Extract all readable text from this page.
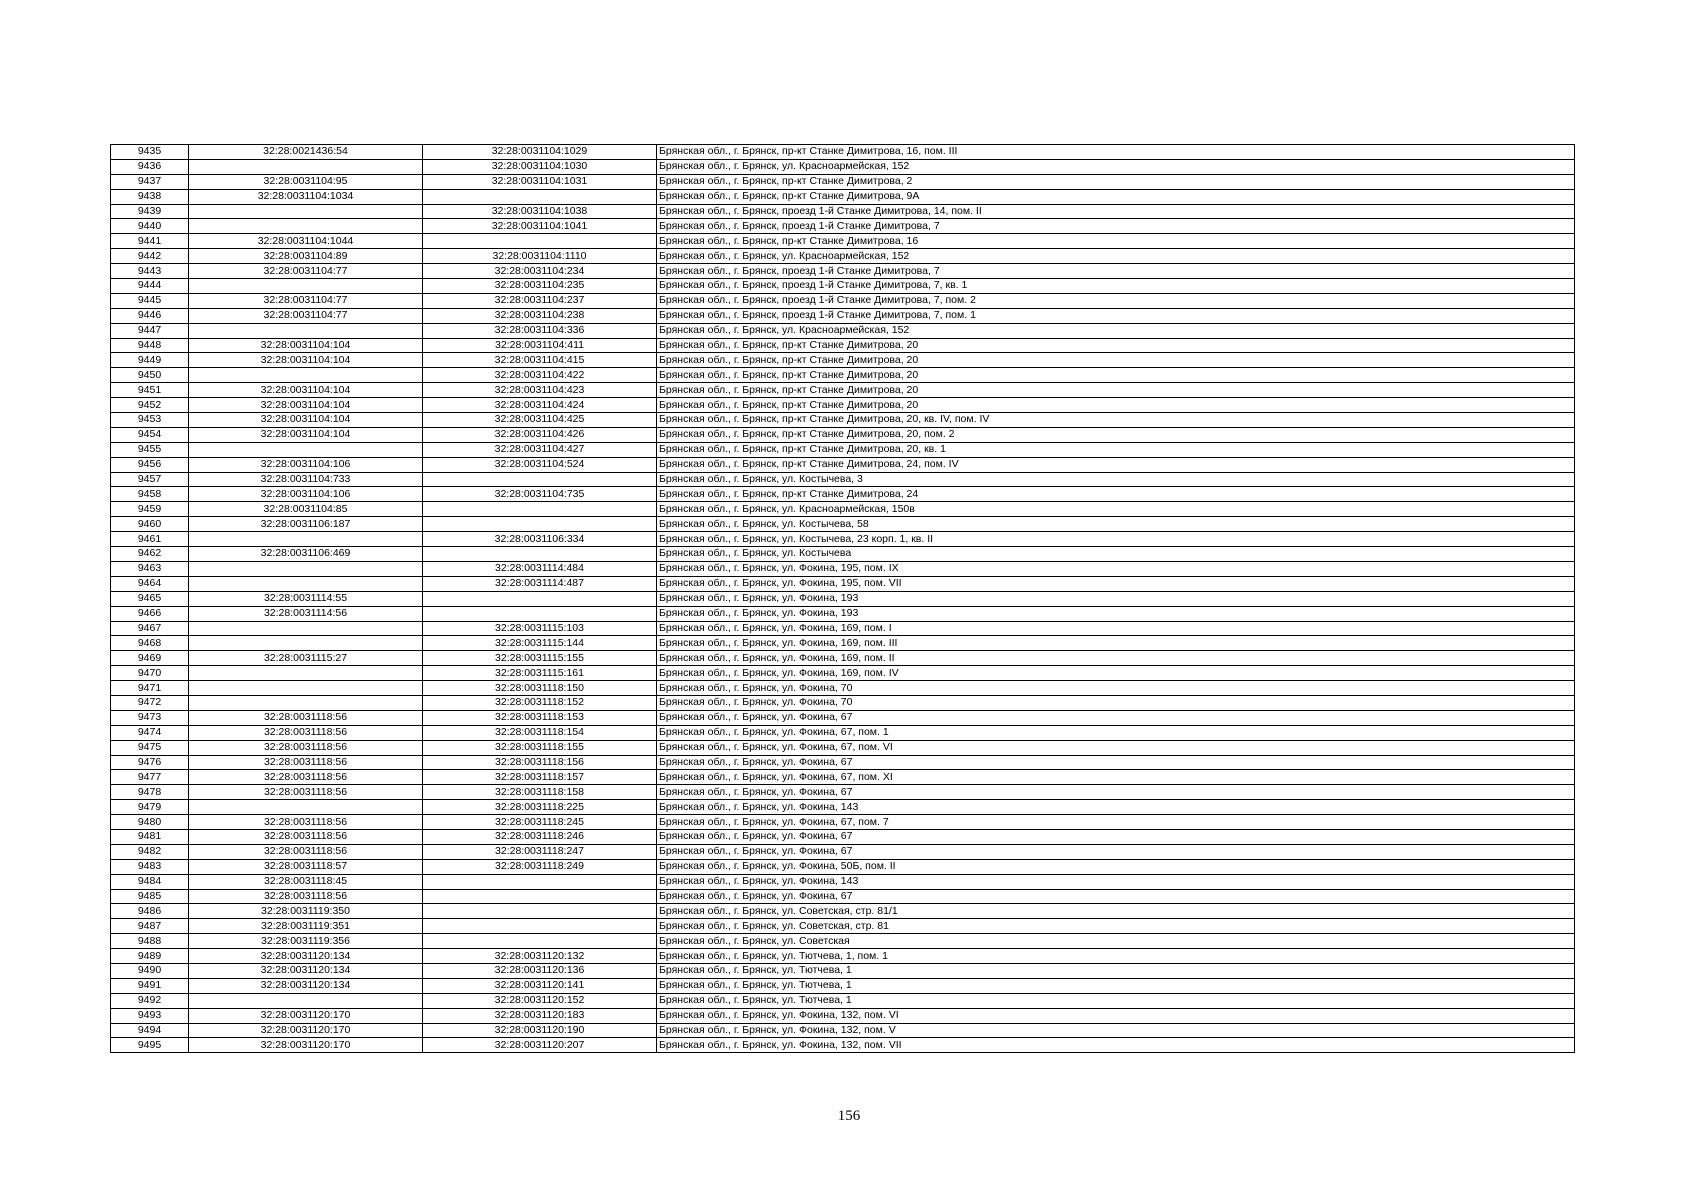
9435	32:28:0021436:54	32:28:0031104:1029	Брянская обл., г. Брянск, пр-кт Станке Димитрова, 16, пом. III
9436		32:28:0031104:1030	Брянская обл., г. Брянск, ул. Красноармейская, 152
9437	32:28:0031104:95	32:28:0031104:1031	Брянская обл., г. Брянск, пр-кт Станке Димитрова, 2
9438	32:28:0031104:1034		Брянская обл., г. Брянск, пр-кт Станке Димитрова, 9А
9439		32:28:0031104:1038	Брянская обл., г. Брянск, проезд 1-й Станке Димитрова, 14, пом. II
9440		32:28:0031104:1041	Брянская обл., г. Брянск, проезд 1-й Станке Димитрова, 7
9441	32:28:0031104:1044		Брянская обл., г. Брянск, пр-кт Станке Димитрова, 16
9442	32:28:0031104:89	32:28:0031104:1110	Брянская обл., г. Брянск, ул. Красноармейская, 152
9443	32:28:0031104:77	32:28:0031104:234	Брянская обл., г. Брянск, проезд 1-й Станке Димитрова, 7
9444		32:28:0031104:235	Брянская обл., г. Брянск, проезд 1-й Станке Димитрова, 7, кв. 1
9445	32:28:0031104:77	32:28:0031104:237	Брянская обл., г. Брянск, проезд 1-й Станке Димитрова, 7, пом. 2
9446	32:28:0031104:77	32:28:0031104:238	Брянская обл., г. Брянск, проезд 1-й Станке Димитрова, 7, пом. 1
9447		32:28:0031104:336	Брянская обл., г. Брянск, ул. Красноармейская, 152
9448	32:28:0031104:104	32:28:0031104:411	Брянская обл., г. Брянск, пр-кт Станке Димитрова, 20
9449	32:28:0031104:104	32:28:0031104:415	Брянская обл., г. Брянск, пр-кт Станке Димитрова, 20
9450		32:28:0031104:422	Брянская обл., г. Брянск, пр-кт Станке Димитрова, 20
9451	32:28:0031104:104	32:28:0031104:423	Брянская обл., г. Брянск, пр-кт Станке Димитрова, 20
9452	32:28:0031104:104	32:28:0031104:424	Брянская обл., г. Брянск, пр-кт Станке Димитрова, 20
9453	32:28:0031104:104	32:28:0031104:425	Брянская обл., г. Брянск, пр-кт Станке Димитрова, 20, кв. IV, пом. IV
9454	32:28:0031104:104	32:28:0031104:426	Брянская обл., г. Брянск, пр-кт Станке Димитрова, 20, пом. 2
9455		32:28:0031104:427	Брянская обл., г. Брянск, пр-кт Станке Димитрова, 20, кв. 1
9456	32:28:0031104:106	32:28:0031104:524	Брянская обл., г. Брянск, пр-кт Станке Димитрова, 24, пом. IV
9457	32:28:0031104:733		Брянская обл., г. Брянск, ул. Костычева, 3
9458	32:28:0031104:106	32:28:0031104:735	Брянская обл., г. Брянск, пр-кт Станке Димитрова, 24
9459	32:28:0031104:85		Брянская обл., г. Брянск, ул. Красноармейская, 150в
9460	32:28:0031106:187		Брянская обл., г. Брянск, ул. Костычева, 58
9461		32:28:0031106:334	Брянская обл., г. Брянск, ул. Костычева, 23 корп. 1, кв. II
9462	32:28:0031106:469		Брянская обл., г. Брянск, ул. Костычева
9463		32:28:0031114:484	Брянская обл., г. Брянск, ул. Фокина, 195, пом. IX
9464		32:28:0031114:487	Брянская обл., г. Брянск, ул. Фокина, 195, пом. VII
9465	32:28:0031114:55		Брянская обл., г. Брянск, ул. Фокина, 193
9466	32:28:0031114:56		Брянская обл., г. Брянск, ул. Фокина, 193
9467		32:28:0031115:103	Брянская обл., г. Брянск, ул. Фокина, 169, пом. I
9468		32:28:0031115:144	Брянская обл., г. Брянск, ул. Фокина, 169, пом. III
9469	32:28:0031115:27	32:28:0031115:155	Брянская обл., г. Брянск, ул. Фокина, 169, пом. II
9470		32:28:0031115:161	Брянская обл., г. Брянск, ул. Фокина, 169, пом. IV
9471		32:28:0031118:150	Брянская обл., г. Брянск, ул. Фокина, 70
9472		32:28:0031118:152	Брянская обл., г. Брянск, ул. Фокина, 70
9473	32:28:0031118:56	32:28:0031118:153	Брянская обл., г. Брянск, ул. Фокина, 67
9474	32:28:0031118:56	32:28:0031118:154	Брянская обл., г. Брянск, ул. Фокина, 67, пом. 1
9475	32:28:0031118:56	32:28:0031118:155	Брянская обл., г. Брянск, ул. Фокина, 67, пом. VI
9476	32:28:0031118:56	32:28:0031118:156	Брянская обл., г. Брянск, ул. Фокина, 67
9477	32:28:0031118:56	32:28:0031118:157	Брянская обл., г. Брянск, ул. Фокина, 67, пом. XI
9478	32:28:0031118:56	32:28:0031118:158	Брянская обл., г. Брянск, ул. Фокина, 67
9479		32:28:0031118:225	Брянская обл., г. Брянск, ул. Фокина, 143
9480	32:28:0031118:56	32:28:0031118:245	Брянская обл., г. Брянск, ул. Фокина, 67, пом. 7
9481	32:28:0031118:56	32:28:0031118:246	Брянская обл., г. Брянск, ул. Фокина, 67
9482	32:28:0031118:56	32:28:0031118:247	Брянская обл., г. Брянск, ул. Фокина, 67
9483	32:28:0031118:57	32:28:0031118:249	Брянская обл., г. Брянск, ул. Фокина, 50Б, пом. II
9484	32:28:0031118:45		Брянская обл., г. Брянск, ул. Фокина, 143
9485	32:28:0031118:56		Брянская обл., г. Брянск, ул. Фокина, 67
9486	32:28:0031119:350		Брянская обл., г. Брянск, ул. Советская, стр. 81/1
9487	32:28:0031119:351		Брянская обл., г. Брянск, ул. Советская, стр. 81
9488	32:28:0031119:356		Брянская обл., г. Брянск, ул. Советская
9489	32:28:0031120:134	32:28:0031120:132	Брянская обл., г. Брянск, ул. Тютчева, 1, пом. 1
9490	32:28:0031120:134	32:28:0031120:136	Брянская обл., г. Брянск, ул. Тютчева, 1
9491	32:28:0031120:134	32:28:0031120:141	Брянская обл., г. Брянск, ул. Тютчева, 1
9492		32:28:0031120:152	Брянская обл., г. Брянск, ул. Тютчева, 1
9493	32:28:0031120:170	32:28:0031120:183	Брянская обл., г. Брянск, ул. Фокина, 132, пом. VI
9494	32:28:0031120:170	32:28:0031120:190	Брянская обл., г. Брянск, ул. Фокина, 132, пом. V
9495	32:28:0031120:170	32:28:0031120:207	Брянская обл., г. Брянск, ул. Фокина, 132, пом. VII
156
